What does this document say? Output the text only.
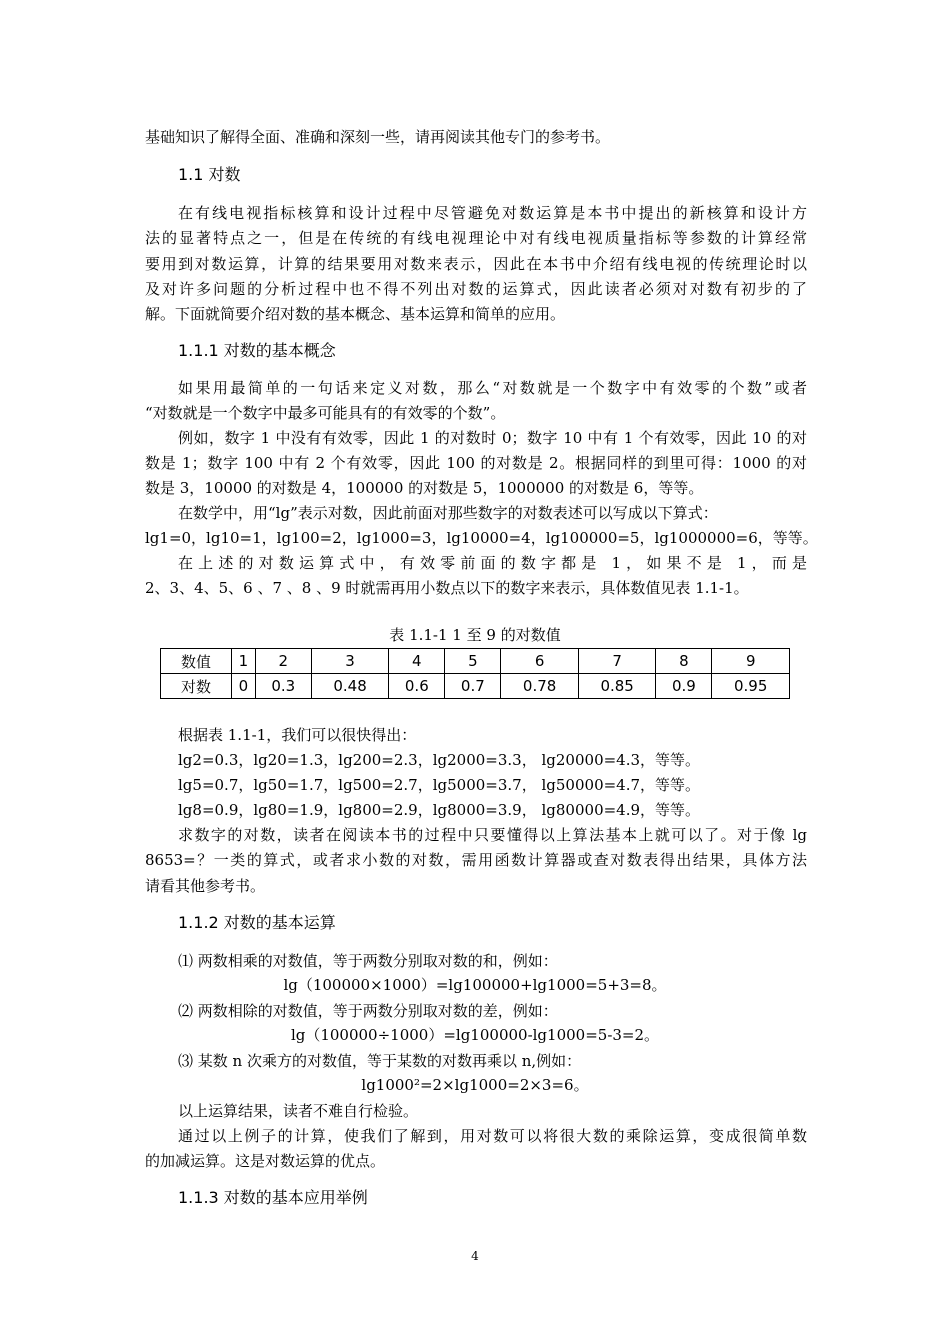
基础知识了解得全面、准确和深刻一些，请再阅读其他专门的参考书。
1.1 对数
在有线电视指标核算和设计过程中尽管避免对数运算是本书中提出的新核算和设计方
法的显著特点之一，但是在传统的有线电视理论中对有线电视质量指标等参数的计算经常
要用到对数运算，计算的结果要用对数来表示，因此在本书中介绍有线电视的传统理论时以
及对许多问题的分析过程中也不得不列出对数的运算式，因此读者必须对对数有初步的了
解。下面就简要介绍对数的基本概念、基本运算和简单的应用。
1.1.1 对数的基本概念
如果用最简单的一句话来定义对数，那么“对数就是一个数字中有效零的个数”或者
“对数就是一个数字中最多可能具有的有效零的个数”。
例如，数字 1 中没有有效零，因此 1 的对数时 0；数字 10 中有 1 个有效零，因此 10 的对
数是 1；数字 100 中有 2 个有效零，因此 100 的对数是 2。根据同样的到里可得：1000 的对
数是 3，10000 的对数是 4，100000 的对数是 5，1000000 的对数是 6，等等。
在数学中，用“lg”表示对数，因此前面对那些数字的对数表述可以写成以下算式：
lg1=0，lg10=1，lg100=2，lg1000=3，lg10000=4，lg100000=5，lg1000000=6，等等。
在上述的对数运算式中，有效零前面的数字都是 1，如果不是 1，而是
2、3、4、5、6 、7 、8 、9 时就需再用小数点以下的数字来表示，具体数值见表 1.1-1。
表 1.1-1 1 至 9 的对数值
数值	1	2	3	4	5	6	7	8	9
对数	0	0.3	0.48	0.6	0.7	0.78	0.85	0.9	0.95
根据表 1.1-1，我们可以很快得出：
lg2=0.3，lg20=1.3，lg200=2.3，lg2000=3.3， lg20000=4.3，等等。
lg5=0.7，lg50=1.7，lg500=2.7，lg5000=3.7， lg50000=4.7，等等。
lg8=0.9，lg80=1.9，lg800=2.9，lg8000=3.9， lg80000=4.9，等等。
求数字的对数，读者在阅读本书的过程中只要懂得以上算法基本上就可以了。对于像 lg
8653=？一类的算式，或者求小数的对数，需用函数计算器或查对数表得出结果，具体方法
请看其他参考书。
1.1.2 对数的基本运算
⑴ 两数相乘的对数值，等于两数分别取对数的和，例如：
lg（100000×1000）=lg100000+lg1000=5+3=8。
⑵ 两数相除的对数值，等于两数分别取对数的差，例如：
lg（100000÷1000）=lg100000-lg1000=5-3=2。
⑶ 某数 n 次乘方的对数值，等于某数的对数再乘以 n,例如：
lg1000²=2×lg1000=2×3=6。
以上运算结果，读者不难自行检验。
通过以上例子的计算，使我们了解到，用对数可以将很大数的乘除运算，变成很简单数
的加减运算。这是对数运算的优点。
1.1.3 对数的基本应用举例
4
